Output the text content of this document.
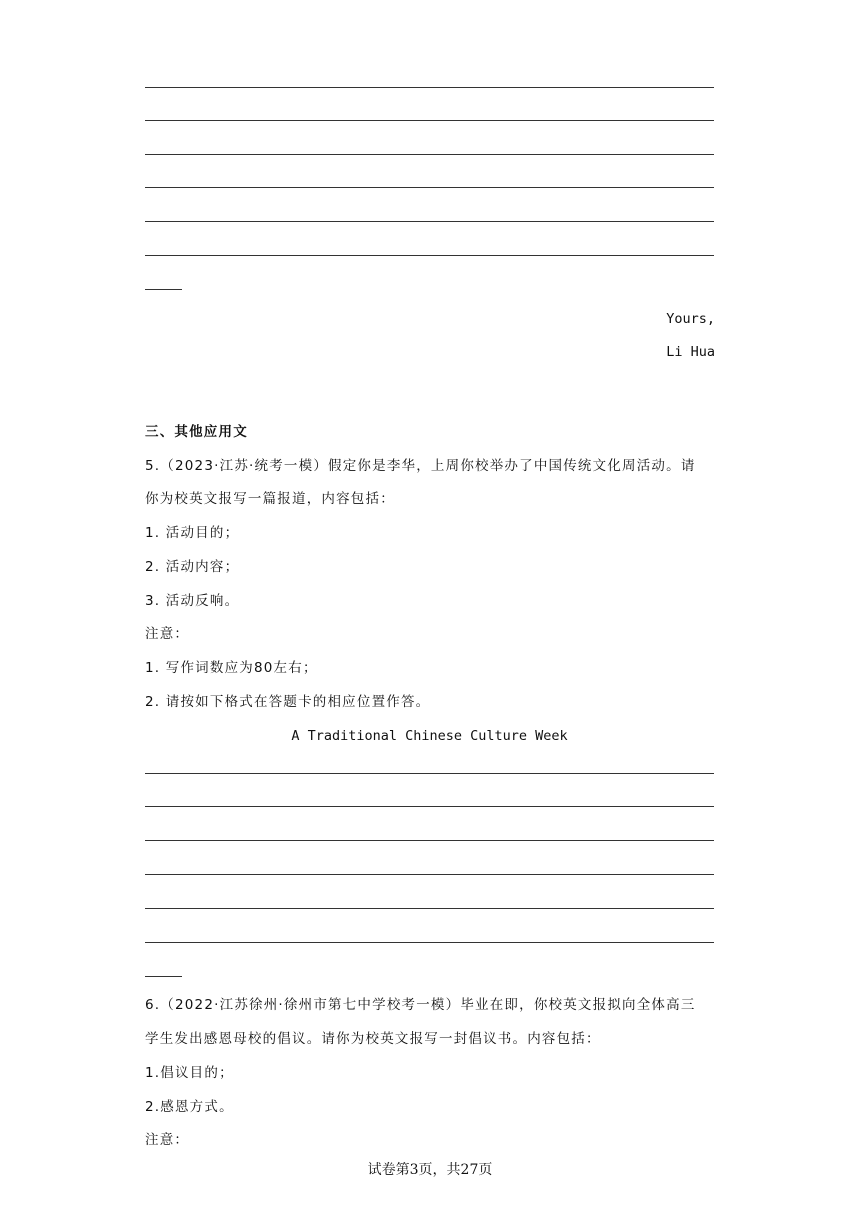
Yours,
Li Hua
三、其他应用文
5.（2023·江苏·统考一模）假定你是李华，上周你校举办了中国传统文化周活动。请
你为校英文报写一篇报道，内容包括：
1. 活动目的；
2. 活动内容；
3. 活动反响。
注意：
1. 写作词数应为80左右；
2. 请按如下格式在答题卡的相应位置作答。
A Traditional Chinese Culture Week
6.（2022·江苏徐州·徐州市第七中学校考一模）毕业在即，你校英文报拟向全体高三
学生发出感恩母校的倡议。请你为校英文报写一封倡议书。内容包括：
1.倡议目的；
2.感恩方式。
注意：
试卷第3页，共27页
